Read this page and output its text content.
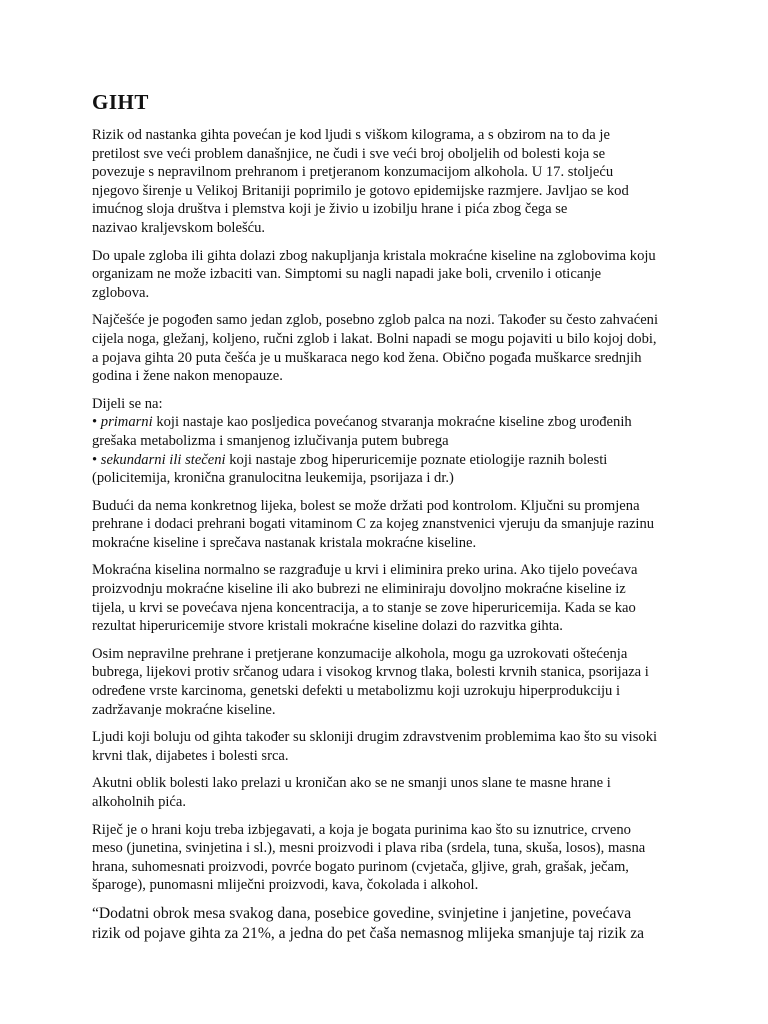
GIHT

Rizik od nastanka gihta povećan je kod ljudi s viškom kilograma, a s obzirom na to da je
pretilost sve veći problem današnjice, ne čudi i sve veći broj oboljelih od bolesti koja se
povezuje s nepravilnom prehranom i pretjeranom konzumacijom alkohola. U 17. stoljeću
njegovo širenje u Velikoj Britaniji poprimilo je gotovo epidemijske razmjere. Javljao se kod
imućnog sloja društva i plemstva koji je živio u izobilju hrane i pića zbog čega se
nazivao kraljevskom bolešću.

Do upale zgloba ili gihta dolazi zbog nakupljanja kristala mokraćne kiseline na zglobovima koju
organizam ne može izbaciti van. Simptomi su nagli napadi jake boli, crvenilo i oticanje
zglobova.

Najčešće je pogođen samo jedan zglob, posebno zglob palca na nozi. Također su često zahvaćeni
cijela noga, gležanj, koljeno, ručni zglob i lakat. Bolni napadi se mogu pojaviti u bilo kojoj dobi,
a pojava gihta 20 puta češća je u muškaraca nego kod žena. Obično pogađa muškarce srednjih
godina i žene nakon menopauze.

Dijeli se na:
• primarni koji nastaje kao posljedica povećanog stvaranja mokraćne kiseline zbog urođenih
grešaka metabolizma i smanjenog izlučivanja putem bubrega
• sekundarni ili stečeni koji nastaje zbog hiperuricemije poznate etiologije raznih bolesti
(policitemija, kronična granulocitna leukemija, psorijaza i dr.)

Budući da nema konkretnog lijeka, bolest se može držati pod kontrolom. Ključni su promjena
prehrane i dodaci prehrani bogati vitaminom C za kojeg znanstvenici vjeruju da smanjuje razinu
mokraćne kiseline i sprečava nastanak kristala mokraćne kiseline.

Mokraćna kiselina normalno se razgrađuje u krvi i eliminira preko urina. Ako tijelo povećava
proizvodnju mokraćne kiseline ili ako bubrezi ne eliminiraju dovoljno mokraćne kiseline iz
tijela, u krvi se povećava njena koncentracija, a to stanje se zove hiperuricemija. Kada se kao
rezultat hiperuricemije stvore kristali mokraćne kiseline dolazi do razvitka gihta.

Osim nepravilne prehrane i pretjerane konzumacije alkohola, mogu ga uzrokovati oštećenja
bubrega, lijekovi protiv srčanog udara i visokog krvnog tlaka, bolesti krvnih stanica, psorijaza i
određene vrste karcinoma, genetski defekti u metabolizmu koji uzrokuju hiperprodukciju i
zadržavanje mokraćne kiseline.

Ljudi koji boluju od gihta također su skloniji drugim zdravstvenim problemima kao što su visoki
krvni tlak, dijabetes i bolesti srca.

Akutni oblik bolesti lako prelazi u kroničan ako se ne smanji unos slane te masne hrane i
alkoholnih pića.

Riječ je o hrani koju treba izbjegavati, a koja je bogata purinima kao što su iznutrice, crveno
meso (junetina, svinjetina i sl.), mesni proizvodi i plava riba (srdela, tuna, skuša, losos), masna
hrana, suhomesnati proizvodi, povrće bogato purinom (cvjetača, gljive, grah, grašak, ječam,
šparoge), punomasni mliječni proizvodi, kava, čokolada i alkohol.

“Dodatni obrok mesa svakog dana, posebice govedine, svinjetine i janjetine, povećava
rizik od pojave gihta za 21%, a jedna do pet čaša nemasnog mlijeka smanjuje taj rizik za
